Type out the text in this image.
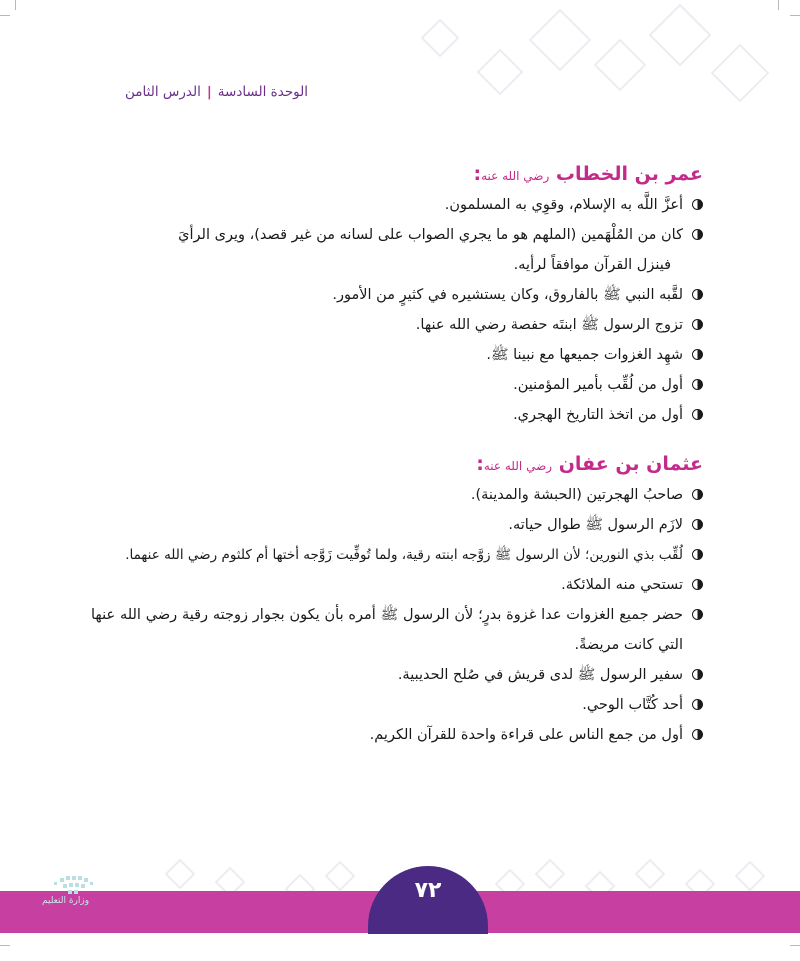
الوحدة السادسة|الدرس الثامن
عمر بن الخطاب رضي الله عنه:
أعزَّ اللَّه به الإسلام، وقوِي به المسلمون.
كان من المُلْهَمين (الملهم هو ما يجري الصواب على لسانه من غير قصد)، ويرى الرأيَ
فينزل القرآن موافقاً لرأيه.
لقَّبه النبي ﷺ بالفاروق، وكان يستشيره في كثيرٍ من الأمور.
تزوج الرسول ﷺ ابنتَه حفصة رضي الله عنها.
شهِد الغزوات جميعها مع نبينا ﷺ.
أول من لُقِّب بأمير المؤمنين.
أول من اتخذ التاريخ الهجري.
عثمان بن عفان رضي الله عنه:
صاحبُ الهجرتين (الحبشة والمدينة).
لازَم الرسول ﷺ طوال حياته.
لُقِّب بذي النورين؛ لأن الرسول ﷺ زوَّجه ابنته رقية، ولما تُوفِّيت زَوَّجه أختها أم كلثوم رضي الله عنهما.
تستحي منه الملائكة.
حضر جميع الغزوات عدا غزوة بدرٍ؛ لأن الرسول ﷺ أمره بأن يكون بجوار زوجته رقية رضي الله عنها التي كانت مريضةً.
سفير الرسول ﷺ لدى قريش في صُلح الحديبية.
أحد كُتَّاب الوحي.
أول من جمع الناس على قراءة واحدة للقرآن الكريم.
٧٢
وزارة التعليم
